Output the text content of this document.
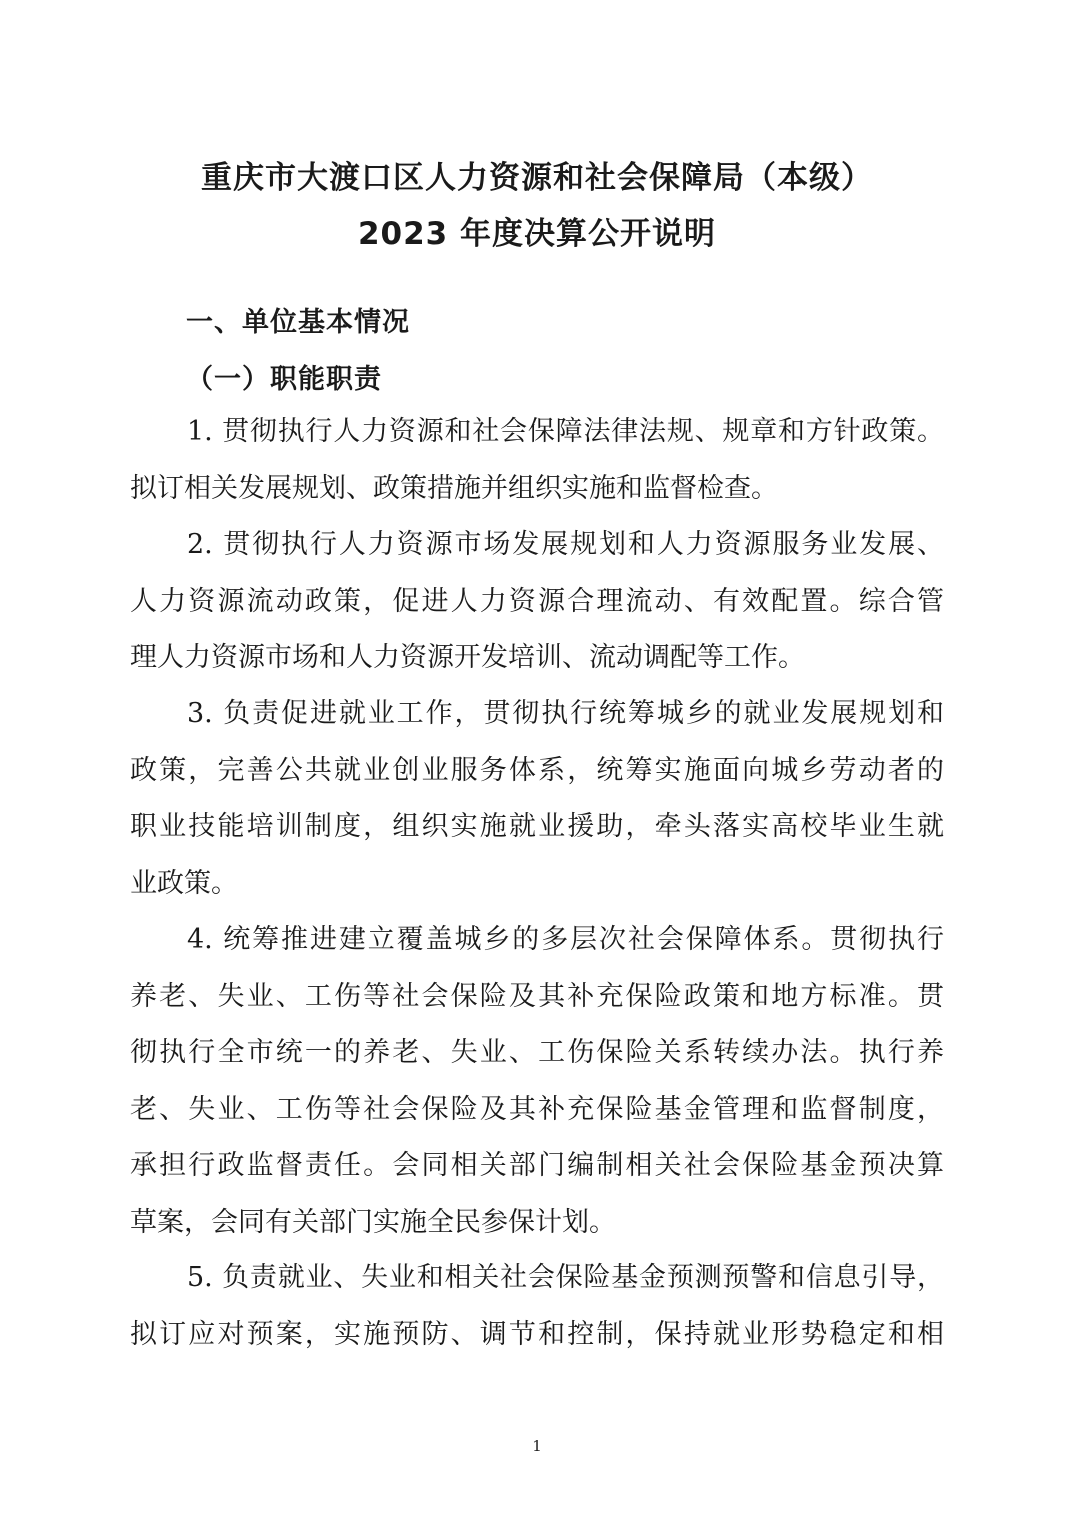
重庆市大渡口区人力资源和社会保障局（本级）
2023 年度决算公开说明
一、单位基本情况
（一）职能职责
1. 贯彻执行人力资源和社会保障法律法规、规章和方针政策。
拟订相关发展规划、政策措施并组织实施和监督检查。
2. 贯彻执行人力资源市场发展规划和人力资源服务业发展、
人力资源流动政策，促进人力资源合理流动、有效配置。综合管
理人力资源市场和人力资源开发培训、流动调配等工作。
3. 负责促进就业工作，贯彻执行统筹城乡的就业发展规划和
政策，完善公共就业创业服务体系，统筹实施面向城乡劳动者的
职业技能培训制度，组织实施就业援助，牵头落实高校毕业生就
业政策。
4. 统筹推进建立覆盖城乡的多层次社会保障体系。贯彻执行
养老、失业、工伤等社会保险及其补充保险政策和地方标准。贯
彻执行全市统一的养老、失业、工伤保险关系转续办法。执行养
老、失业、工伤等社会保险及其补充保险基金管理和监督制度，
承担行政监督责任。会同相关部门编制相关社会保险基金预决算
草案，会同有关部门实施全民参保计划。
5. 负责就业、失业和相关社会保险基金预测预警和信息引导，
拟订应对预案，实施预防、调节和控制，保持就业形势稳定和相
1
